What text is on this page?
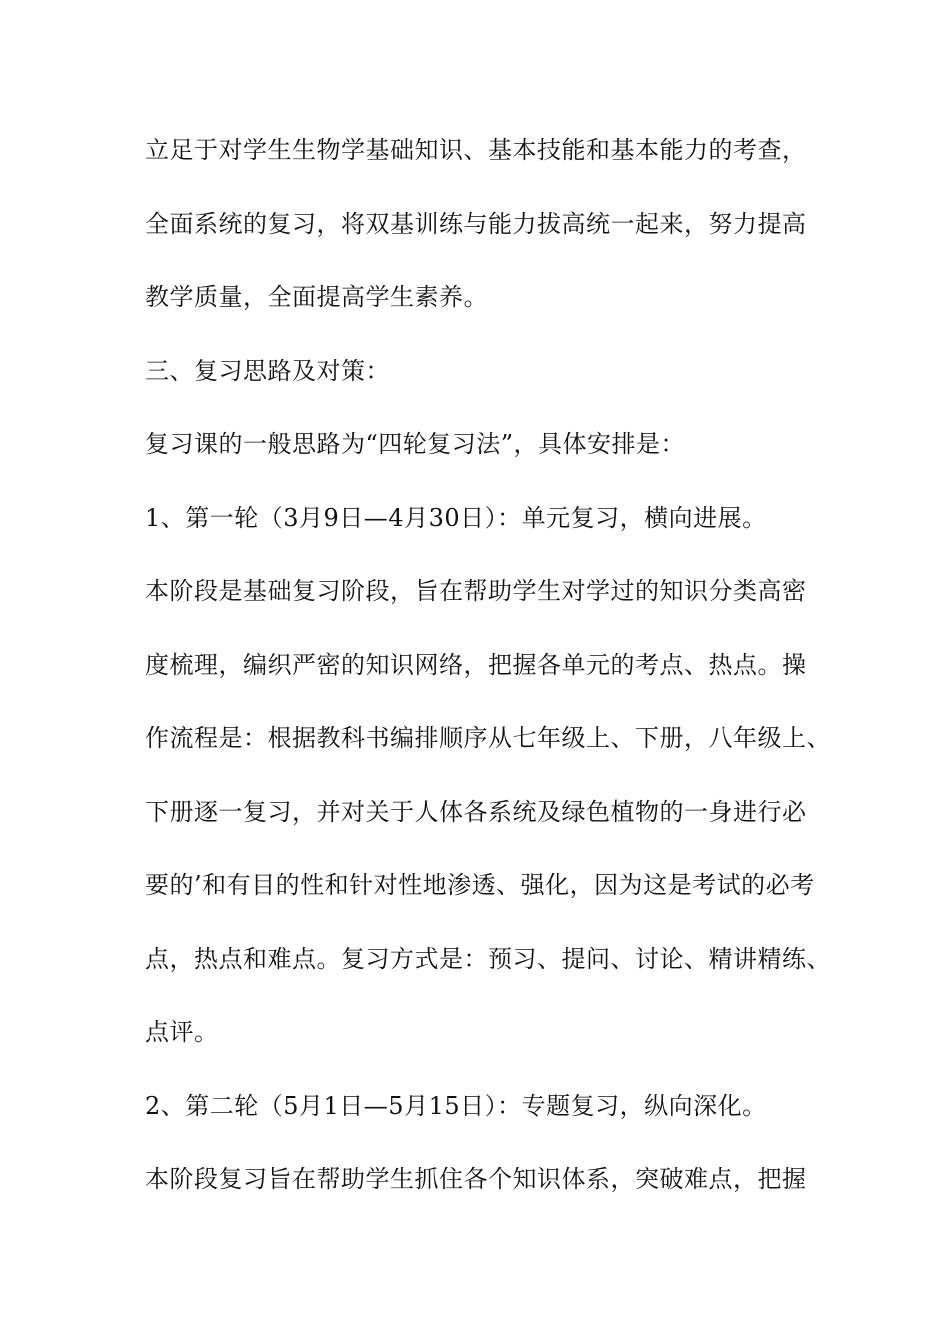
立足于对学生生物学基础知识、基本技能和基本能力的考查，
全面系统的复习，将双基训练与能力拔高统一起来，努力提高
教学质量，全面提高学生素养。
三、复习思路及对策：
复习课的一般思路为“四轮复习法”，具体安排是：
1、第一轮（3月9日—4月30日）：单元复习，横向进展。
本阶段是基础复习阶段，旨在帮助学生对学过的知识分类高密
度梳理，编织严密的知识网络，把握各单元的考点、热点。操
作流程是：根据教科书编排顺序从七年级上、下册，八年级上、
下册逐一复习，并对关于人体各系统及绿色植物的一身进行必
要的’和有目的性和针对性地渗透、强化，因为这是考试的必考
点，热点和难点。复习方式是：预习、提问、讨论、精讲精练、
点评。
2、第二轮（5月1日—5月15日）：专题复习，纵向深化。
本阶段复习旨在帮助学生抓住各个知识体系，突破难点，把握
